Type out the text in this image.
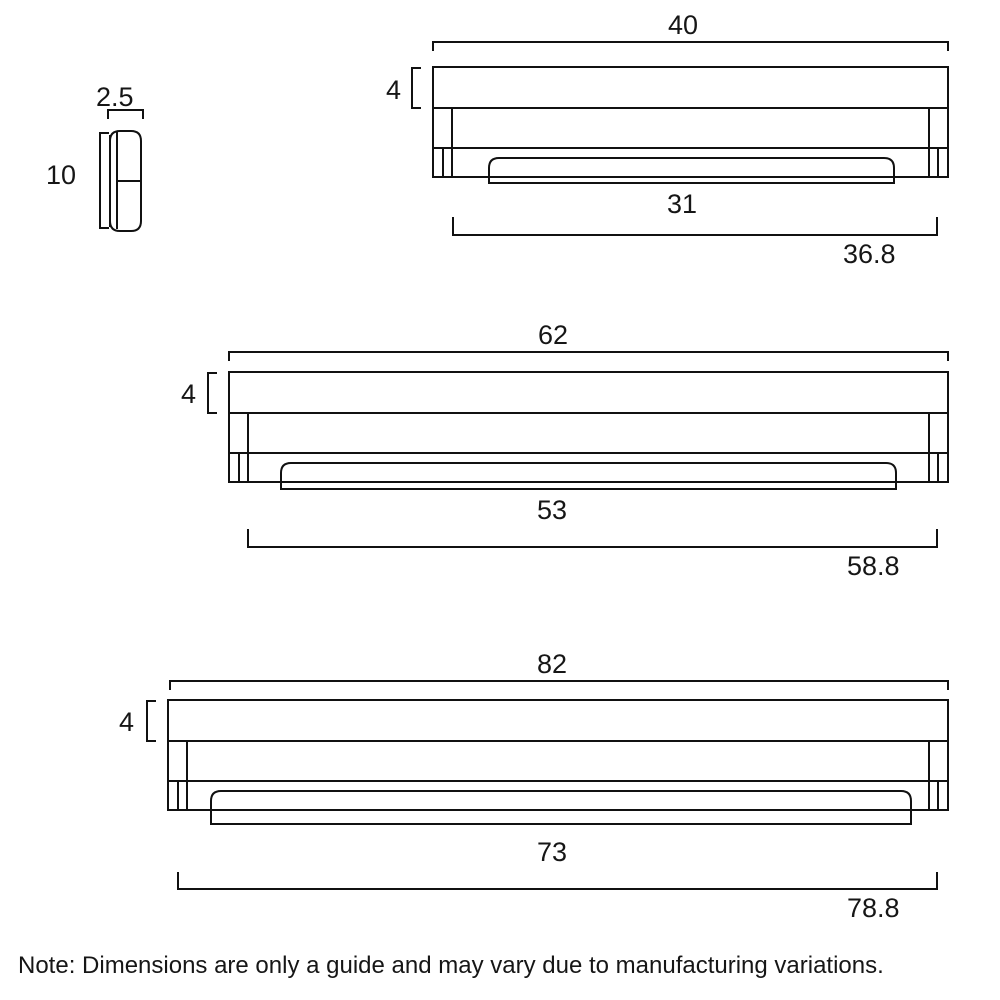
2.5
10
40
4
31
36.8
62
4
53
58.8
82
4
73
78.8
Note: Dimensions are only a guide and may vary due to manufacturing variations.
